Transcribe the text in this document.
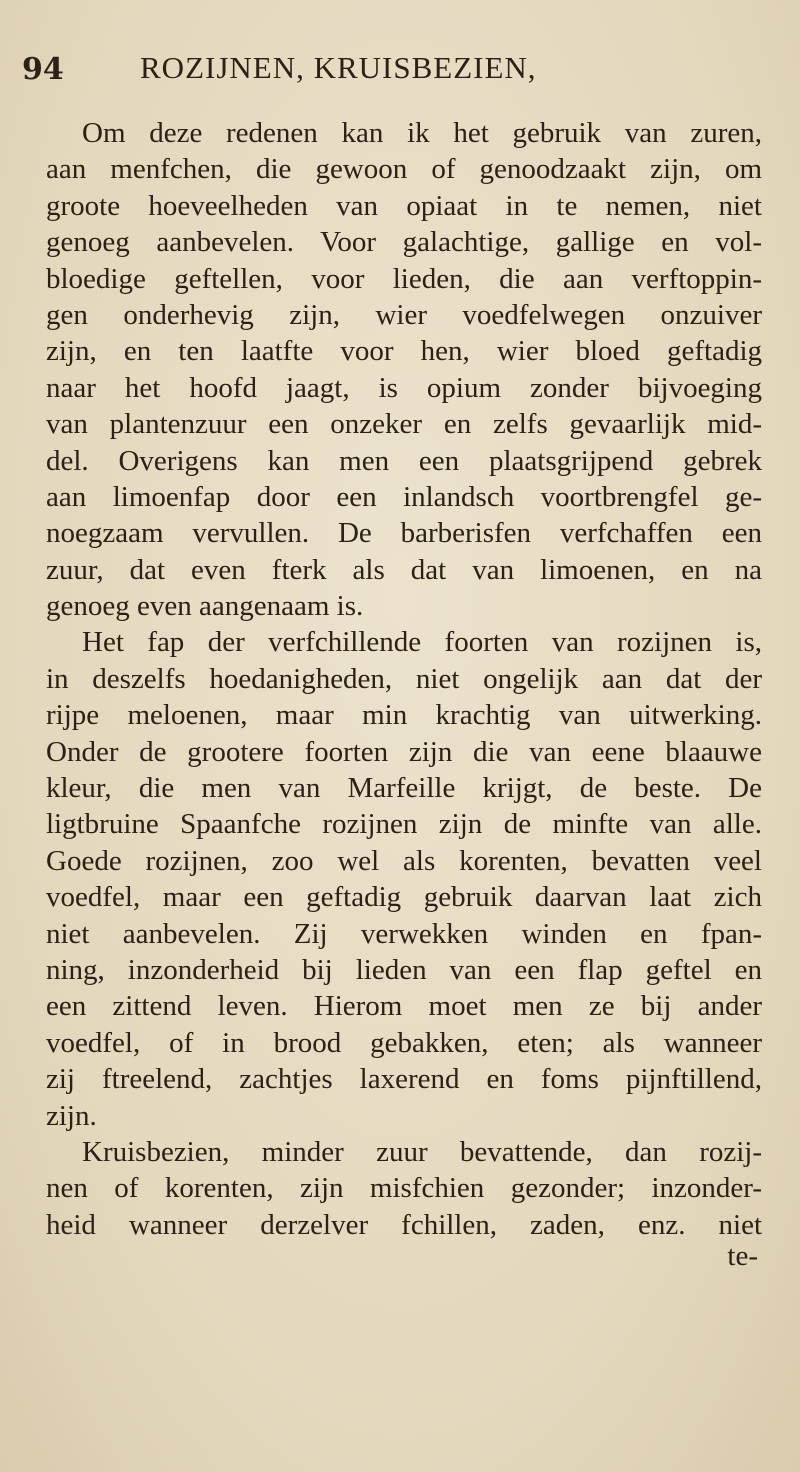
94 ROZIJNEN, KRUISBEZIEN,
Om deze redenen kan ik het gebruik van zuren,
aan menfchen, die gewoon of genoodzaakt zijn, om
groote hoeveelheden van opiaat in te nemen, niet
genoeg aanbevelen. Voor galachtige, gallige en vol-
bloedige geftellen, voor lieden, die aan verftoppin-
gen onderhevig zijn, wier voedfelwegen onzuiver
zijn, en ten laatfte voor hen, wier bloed geftadig
naar het hoofd jaagt, is opium zonder bijvoeging
van plantenzuur een onzeker en zelfs gevaarlijk mid-
del. Overigens kan men een plaatsgrijpend gebrek
aan limoenfap door een inlandsch voortbrengfel ge-
noegzaam vervullen. De barberisfen verfchaffen een
zuur, dat even fterk als dat van limoenen, en na
genoeg even aangenaam is.
Het fap der verfchillende foorten van rozijnen is,
in deszelfs hoedanigheden, niet ongelijk aan dat der
rijpe meloenen, maar min krachtig van uitwerking.
Onder de grootere foorten zijn die van eene blaauwe
kleur, die men van Marfeille krijgt, de beste. De
ligtbruine Spaanfche rozijnen zijn de minfte van alle.
Goede rozijnen, zoo wel als korenten, bevatten veel
voedfel, maar een geftadig gebruik daarvan laat zich
niet aanbevelen. Zij verwekken winden en fpan-
ning, inzonderheid bij lieden van een flap geftel en
een zittend leven. Hierom moet men ze bij ander
voedfel, of in brood gebakken, eten; als wanneer
zij ftreelend, zachtjes laxerend en foms pijnftillend,
zijn.
Kruisbezien, minder zuur bevattende, dan rozij-
nen of korenten, zijn misfchien gezonder; inzonder-
heid wanneer derzelver fchillen, zaden, enz. niet
te-
